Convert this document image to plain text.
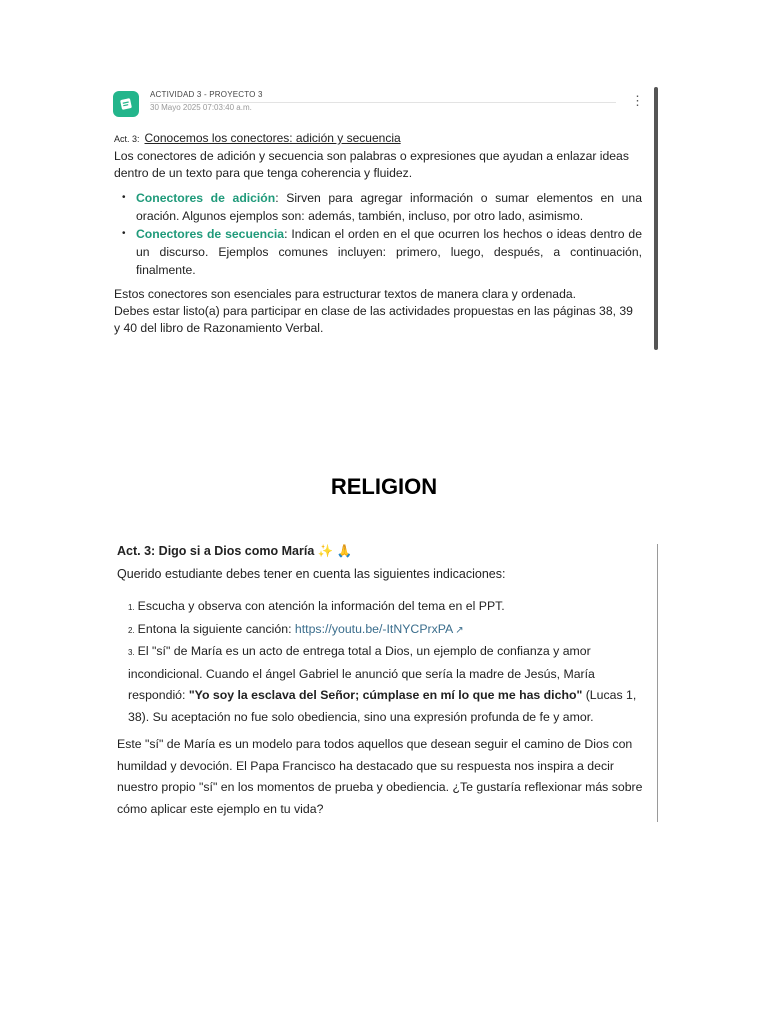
ACTIVIDAD 3 - PROYECTO 3
30 Mayo 2025 07:03:40 a.m.	⋮
Act. 3: Conocemos los conectores: adición y secuencia
Los conectores de adición y secuencia son palabras o expresiones que ayudan a enlazar ideas dentro de un texto para que tenga coherencia y fluidez.
• Conectores de adición: Sirven para agregar información o sumar elementos en una oración. Algunos ejemplos son: además, también, incluso, por otro lado, asimismo.
• Conectores de secuencia: Indican el orden en el que ocurren los hechos o ideas dentro de un discurso. Ejemplos comunes incluyen: primero, luego, después, a continuación, finalmente.
Estos conectores son esenciales para estructurar textos de manera clara y ordenada.
Debes estar listo(a) para participar en clase de las actividades propuestas en las páginas 38, 39 y 40 del libro de Razonamiento Verbal.
RELIGION
Act. 3: Digo si a Dios como María ✨ 🙏
Querido estudiante debes tener en cuenta las siguientes indicaciones:
1. Escucha y observa con atención la información del tema en el PPT.
2. Entona la siguiente canción: https://youtu.be/-ItNYCPrxPA ↗
3. El "sí" de María es un acto de entrega total a Dios, un ejemplo de confianza y amor incondicional. Cuando el ángel Gabriel le anunció que sería la madre de Jesús, María respondió: "Yo soy la esclava del Señor; cúmplase en mí lo que me has dicho" (Lucas 1, 38). Su aceptación no fue solo obediencia, sino una expresión profunda de fe y amor.
Este "sí" de María es un modelo para todos aquellos que desean seguir el camino de Dios con humildad y devoción. El Papa Francisco ha destacado que su respuesta nos inspira a decir nuestro propio "sí" en los momentos de prueba y obediencia. ¿Te gustaría reflexionar más sobre cómo aplicar este ejemplo en tu vida?
